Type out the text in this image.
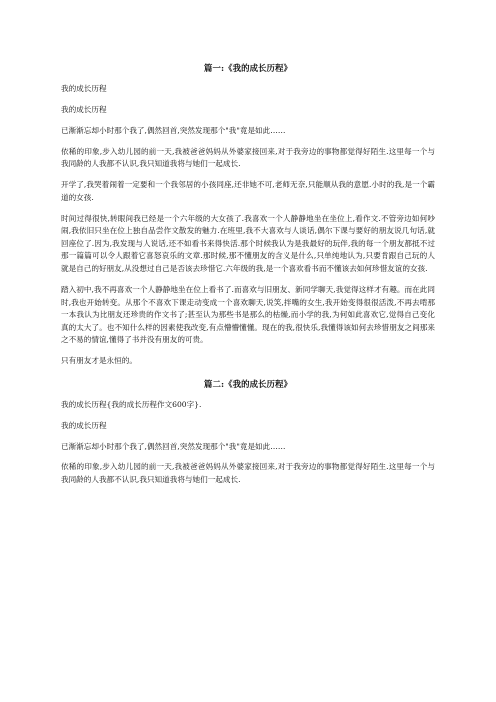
篇一:《我的成长历程》

我的成长历程

我的成长历程

已渐渐忘却小时那个我了,偶然回首,突然发现那个"我"竟是如此……

依稀的印象,步入幼儿园的前一天,我被爸爸妈妈从外婆家接回来,对于我旁边的事物都觉得好陌生.这里每一个与我同龄的人我都不认识,我只知道我将与她们一起成长.

开学了,我哭着闹着一定要和一个我邻居的小孩同座,还非她不可,老师无奈,只能顺从我的意愿.小时的我,是一个霸道的女孩.

时间过得很快,转眼间我已经是一个六年级的大女孩了.我喜欢一个人静静地坐在坐位上,看作文.不管旁边如何吵闹,我依旧只坐在位上独自品尝作文散发的魅力.在班里,我不大喜欢与人谈话,偶尔下课与要好的朋友说几句话,就回座位了.因为,我发现与人说话,还不如看书来得快活.那个时候我认为是我最好的玩伴,我的每一个朋友都抵不过那一篇篇可以令人跟着它喜怒哀乐的文章.那时候,那不懂朋友的含义是什么,只单纯地认为,只要肯跟自己玩的人就是自己的好朋友,从没想过自己是否该去珍惜它.六年级的我,是一个喜欢看书而不懂该去如何珍惜友谊的女孩.

踏入初中,我不再喜欢一个人静静地坐在位上看书了.而喜欢与旧朋友、新同学聊天,我觉得这样才有趣。而在此同时,我也开始转变。从那个不喜欢下课走动变成一个喜欢聊天,说笑,拌嘴的女生,我开始变得很很活泼,不再去啃那一本我认为比朋友还珍贵的作文书了;甚至认为那些书是那么的枯燥,而小学的我,为何如此喜欢它,觉得自己变化真的太大了。也不知什么样的因素使我改变,有点懵懵懂懂。现在的我,很快乐,我懂得该如何去珍惜朋友之间那来之不易的情谊,懂得了书并没有朋友的可贵。

只有朋友才是永恒的。

篇二:《我的成长历程》

我的成长历程{我的成长历程作文600字}.

我的成长历程

已渐渐忘却小时那个我了,偶然回首,突然发现那个"我"竟是如此……

依稀的印象,步入幼儿园的前一天,我被爸爸妈妈从外婆家接回来,对于我旁边的事物都觉得好陌生.这里每一个与我同龄的人我都不认识,我只知道我将与她们一起成长.
